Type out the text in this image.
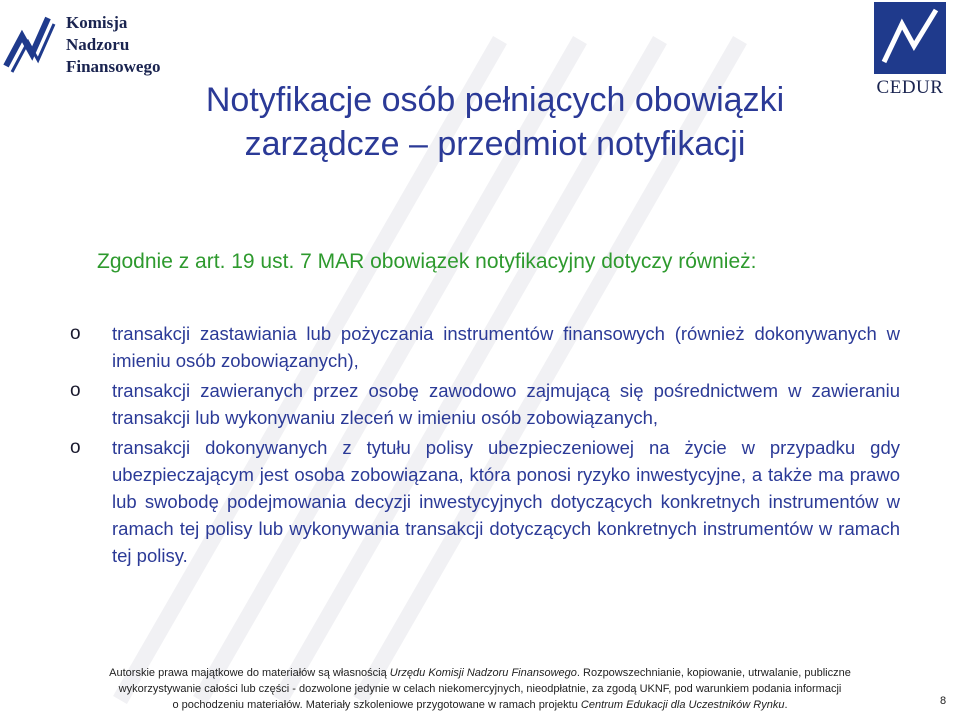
Komisja
Nadzoru
Finansowego
CEDUR
Notyfikacje osób pełniących obowiązki
zarządcze – przedmiot notyfikacji
Zgodnie z art. 19 ust. 7 MAR obowiązek notyfikacyjny dotyczy również:
o	transakcji zastawiania lub pożyczania instrumentów finansowych (również dokonywanych w imieniu osób zobowiązanych),
o	transakcji zawieranych przez osobę zawodowo zajmującą się pośrednictwem w zawieraniu transakcji lub wykonywaniu zleceń w imieniu osób zobowiązanych,
o	transakcji dokonywanych z tytułu polisy ubezpieczeniowej na życie w przypadku gdy ubezpieczającym jest osoba zobowiązana, która ponosi ryzyko inwestycyjne, a także ma prawo lub swobodę podejmowania decyzji inwestycyjnych dotyczących konkretnych instrumentów w ramach tej polisy lub wykonywania transakcji dotyczących konkretnych instrumentów w ramach tej polisy.
Autorskie prawa majątkowe do materiałów są własnością Urzędu Komisji Nadzoru Finansowego. Rozpowszechnianie, kopiowanie, utrwalanie, publiczne
wykorzystywanie całości lub części - dozwolone jedynie w celach niekomercyjnych, nieodpłatnie, za zgodą UKNF, pod warunkiem podania informacji
o pochodzeniu materiałów. Materiały szkoleniowe przygotowane w ramach projektu Centrum Edukacji dla Uczestników Rynku.	8
